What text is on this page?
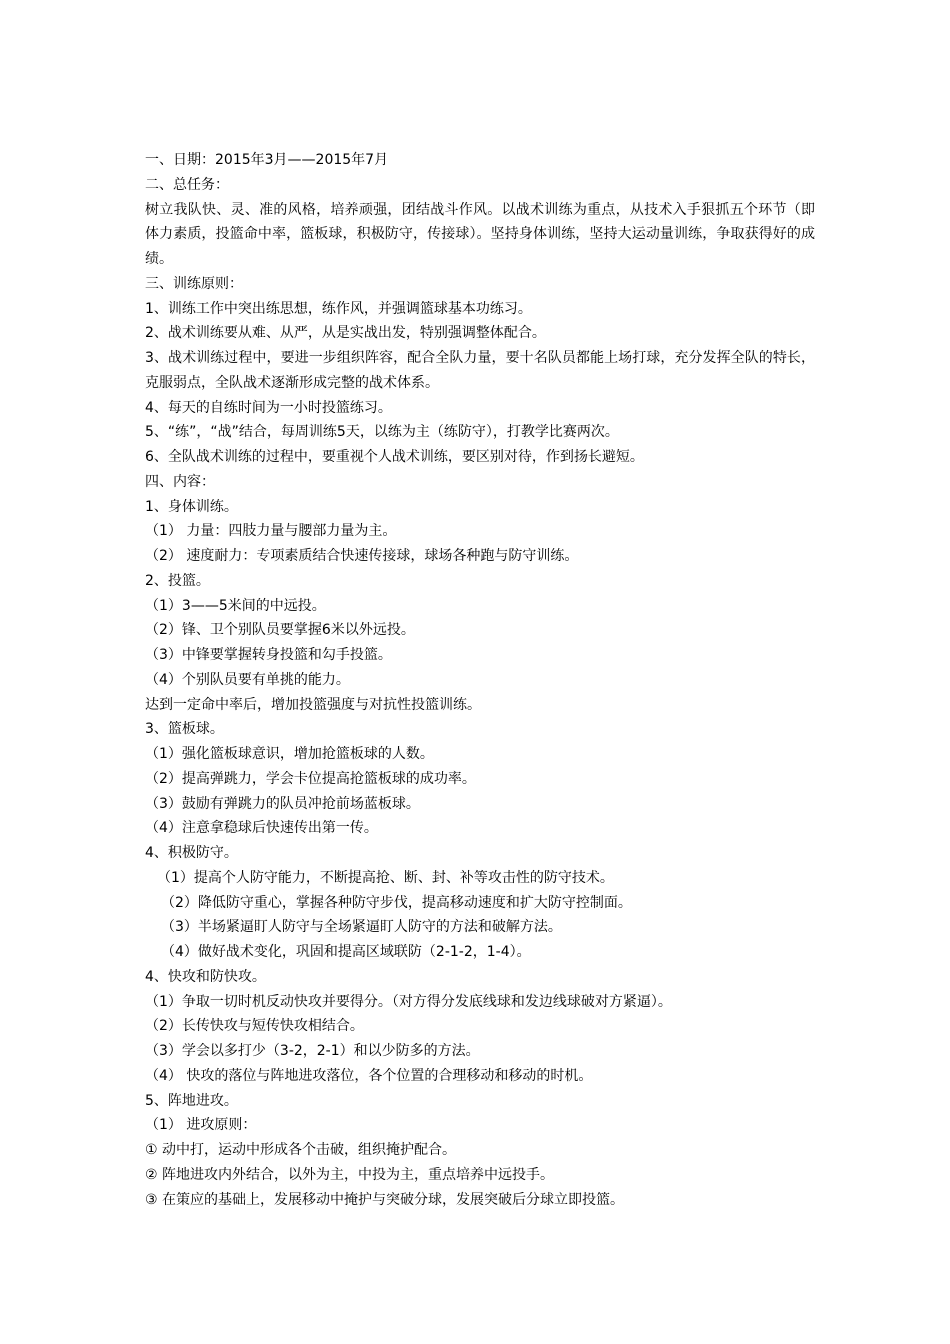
一、日期：2015年3月——2015年7月
二、总任务：
树立我队快、灵、准的风格，培养顽强，团结战斗作风。以战术训练为重点，从技术入手狠抓五个环节（即体力素质，投篮命中率，篮板球，积极防守，传接球）。坚持身体训练，坚持大运动量训练，争取获得好的成绩。
三、训练原则：
1、训练工作中突出练思想，练作风，并强调篮球基本功练习。
2、战术训练要从难、从严，从是实战出发，特别强调整体配合。
3、战术训练过程中，要进一步组织阵容，配合全队力量，要十名队员都能上场打球，充分发挥全队的特长，克服弱点，全队战术逐渐形成完整的战术体系。
4、每天的自练时间为一小时投篮练习。
5、“练”，“战”结合，每周训练5天，以练为主（练防守），打教学比赛两次。
6、全队战术训练的过程中，要重视个人战术训练，要区别对待，作到扬长避短。
四、内容：
1、身体训练。
（1） 力量：四肢力量与腰部力量为主。
（2） 速度耐力：专项素质结合快速传接球，球场各种跑与防守训练。
2、投篮。
（1）3——5米间的中远投。
（2）锋、卫个别队员要掌握6米以外远投。
（3）中锋要掌握转身投篮和勾手投篮。
（4）个别队员要有单挑的能力。
达到一定命中率后，增加投篮强度与对抗性投篮训练。
3、篮板球。
（1）强化篮板球意识，增加抢篮板球的人数。
（2）提高弹跳力，学会卡位提高抢篮板球的成功率。
（3）鼓励有弹跳力的队员冲抢前场蓝板球。
（4）注意拿稳球后快速传出第一传。
4、积极防守。
（1）提高个人防守能力，不断提高抢、断、封、补等攻击性的防守技术。
（2）降低防守重心，掌握各种防守步伐，提高移动速度和扩大防守控制面。
（3）半场紧逼盯人防守与全场紧逼盯人防守的方法和破解方法。
（4）做好战术变化，巩固和提高区域联防（2-1-2，1-4）。
4、快攻和防快攻。
（1）争取一切时机反动快攻并要得分。（对方得分发底线球和发边线球破对方紧逼）。
（2）长传快攻与短传快攻相结合。
（3）学会以多打少（3-2，2-1）和以少防多的方法。
（4） 快攻的落位与阵地进攻落位，各个位置的合理移动和移动的时机。
5、阵地进攻。
（1） 进攻原则：
① 动中打，运动中形成各个击破，组织掩护配合。
② 阵地进攻内外结合，以外为主，中投为主，重点培养中远投手。
③ 在策应的基础上，发展移动中掩护与突破分球，发展突破后分球立即投篮。
